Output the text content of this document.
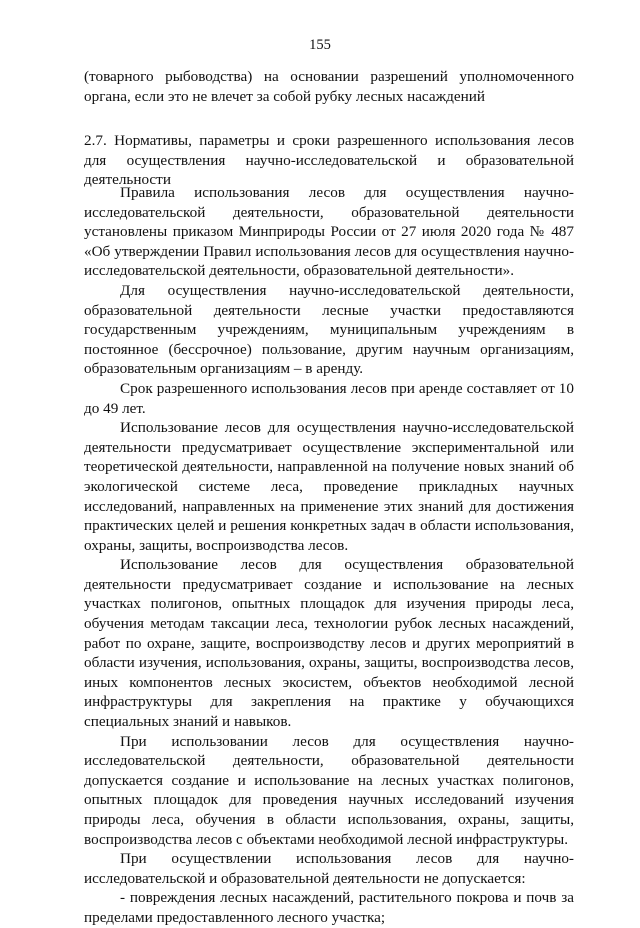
155

(товарного рыбоводства) на основании разрешений уполномоченного органа, если это не влечет за собой рубку лесных насаждений

2.7. Нормативы, параметры и сроки разрешенного использования лесов для осуществления научно-исследовательской и образовательной деятельности

Правила использования лесов для осуществления научно-исследовательской деятельности, образовательной деятельности установлены приказом Минприроды России от 27 июля 2020 года № 487 «Об утверждении Правил использования лесов для осуществления научно-исследовательской деятельности, образовательной деятельности».

Для осуществления научно-исследовательской деятельности, образовательной деятельности лесные участки предоставляются государственным учреждениям, муниципальным учреждениям в постоянное (бессрочное) пользование, другим научным организациям, образовательным организациям – в аренду.

Срок разрешенного использования лесов при аренде составляет от 10 до 49 лет.

Использование лесов для осуществления научно-исследовательской деятельности предусматривает осуществление экспериментальной или теоретической деятельности, направленной на получение новых знаний об экологической системе леса, проведение прикладных научных исследований, направленных на применение этих знаний для достижения практических целей и решения конкретных задач в области использования, охраны, защиты, воспроизводства лесов.

Использование лесов для осуществления образовательной деятельности предусматривает создание и использование на лесных участках полигонов, опытных площадок для изучения природы леса, обучения методам таксации леса, технологии рубок лесных насаждений, работ по охране, защите, воспроизводству лесов и других мероприятий в области изучения, использования, охраны, защиты, воспроизводства лесов, иных компонентов лесных экосистем, объектов необходимой лесной инфраструктуры для закрепления на практике у обучающихся специальных знаний и навыков.

При использовании лесов для осуществления научно-исследовательской деятельности, образовательной деятельности допускается создание и использование на лесных участках полигонов, опытных площадок для проведения научных исследований изучения природы леса, обучения в области использования, охраны, защиты, воспроизводства лесов с объектами необходимой лесной инфраструктуры.

При осуществлении использования лесов для научно-исследовательской и образовательной деятельности не допускается:

- повреждения лесных насаждений, растительного покрова и почв за пределами предоставленного лесного участка;
